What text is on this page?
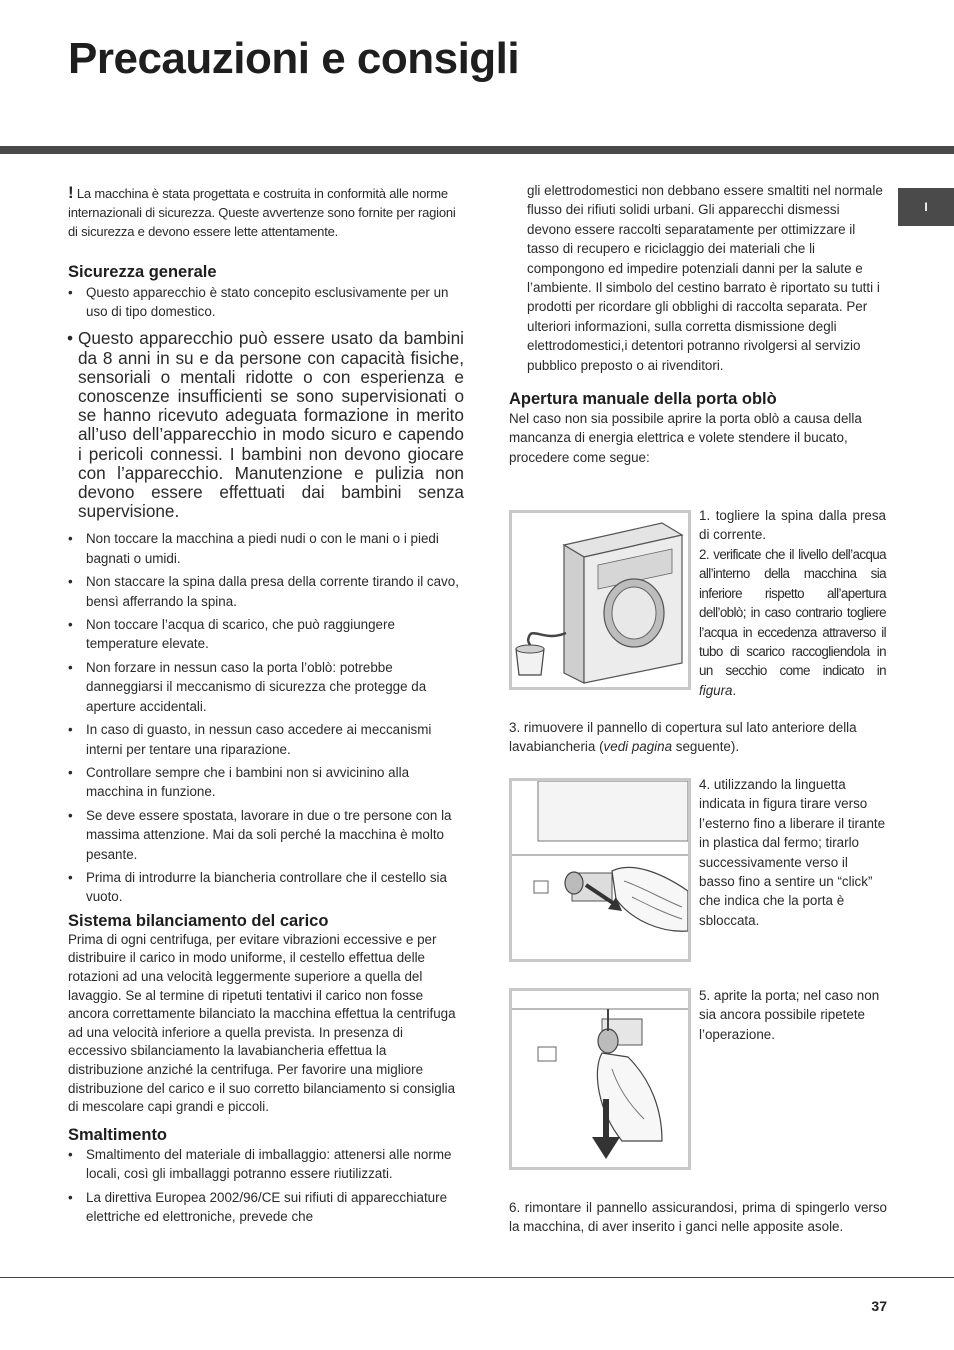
Precauzioni e consigli
I

! La macchina è stata progettata e costruita in conformità alle norme internazionali di sicurezza. Queste avvertenze sono fornite per ragioni di sicurezza e devono essere lette attentamente.

Sicurezza generale
• Questo apparecchio è stato concepito esclusivamente per un uso di tipo domestico.

• Questo apparecchio può essere usato da bambini da 8 anni in su e da persone con capacità fisiche, sensoriali o mentali ridotte o con esperienza e conoscenze insufficienti se sono supervisionati o se hanno ricevuto adeguata formazione in merito all’uso dell’apparecchio in modo sicuro e capendo i pericoli connessi. I bambini non devono giocare con l’apparecchio. Manutenzione e pulizia non devono essere effettuati dai bambini senza supervisione.

• Non toccare la macchina a piedi nudi o con le mani o i piedi bagnati o umidi.
• Non staccare la spina dalla presa della corrente tirando il cavo, bensì afferrando la spina.
• Non toccare l’acqua di scarico, che può raggiungere temperature elevate.
• Non forzare in nessun caso la porta l’oblò: potrebbe danneggiarsi il meccanismo di sicurezza che protegge da aperture accidentali.
• In caso di guasto, in nessun caso accedere ai meccanismi interni per tentare una riparazione.
• Controllare sempre che i bambini non si avvicinino alla macchina in funzione.
• Se deve essere spostata, lavorare in due o tre persone con la massima attenzione. Mai da soli perché la macchina è molto pesante.
• Prima di introdurre la biancheria controllare che il cestello sia vuoto.
Sistema bilanciamento del carico

Prima di ogni centrifuga, per evitare vibrazioni eccessive e per distribuire il carico in modo uniforme, il cestello effettua delle rotazioni ad una velocità leggermente superiore a quella del lavaggio. Se al termine di ripetuti tentativi il carico non fosse ancora correttamente bilanciato la macchina effettua la centrifuga ad una velocità inferiore a quella prevista. In presenza di eccessivo sbilanciamento la lavabiancheria effettua la distribuzione anziché la centrifuga. Per favorire una migliore distribuzione del carico e il suo corretto bilanciamento si consiglia di mescolare capi grandi e piccoli.

Smaltimento
• Smaltimento del materiale di imballaggio: attenersi alle norme locali, così gli imballaggi potranno essere riutilizzati.
• La direttiva Europea 2002/96/CE sui rifiuti di apparecchiature elettriche ed elettroniche, prevede che

gli elettrodomestici non debbano essere smaltiti nel normale flusso dei rifiuti solidi urbani. Gli apparecchi dismessi devono essere raccolti separatamente per ottimizzare il tasso di recupero e riciclaggio dei materiali che li compongono ed impedire potenziali danni per la salute e l’ambiente. Il simbolo del cestino barrato è riportato su tutti i prodotti per ricordare gli obblighi di raccolta separata. Per ulteriori informazioni, sulla corretta dismissione degli elettrodomestici,i detentori potranno rivolgersi al servizio pubblico preposto o ai rivenditori.

Apertura manuale della porta oblò

Nel caso non sia possibile aprire la porta oblò a causa della mancanza di energia elettrica e volete stendere il bucato, procedere come segue:

1. togliere la spina dalla presa di corrente.
2. verificate che il livello dell’acqua all’interno della macchina sia inferiore rispetto all’apertura dell’oblò; in caso contrario togliere l’acqua in eccedenza attraverso il tubo di scarico raccogliendola in un secchio come indicato in figura.
3. rimuovere il pannello di copertura sul lato anteriore della lavabiancheria (vedi pagina seguente).
4. utilizzando la linguetta indicata in figura tirare verso l’esterno fino a liberare il tirante in plastica dal fermo; tirarlo successivamente verso il basso fino a sentire un “click” che indica che la porta è sbloccata.
5. aprite la porta; nel caso non sia ancora possibile ripetete l’operazione.
6. rimontare il pannello assicurandosi, prima di spingerlo verso la macchina, di aver inserito i ganci nelle apposite asole.
37
